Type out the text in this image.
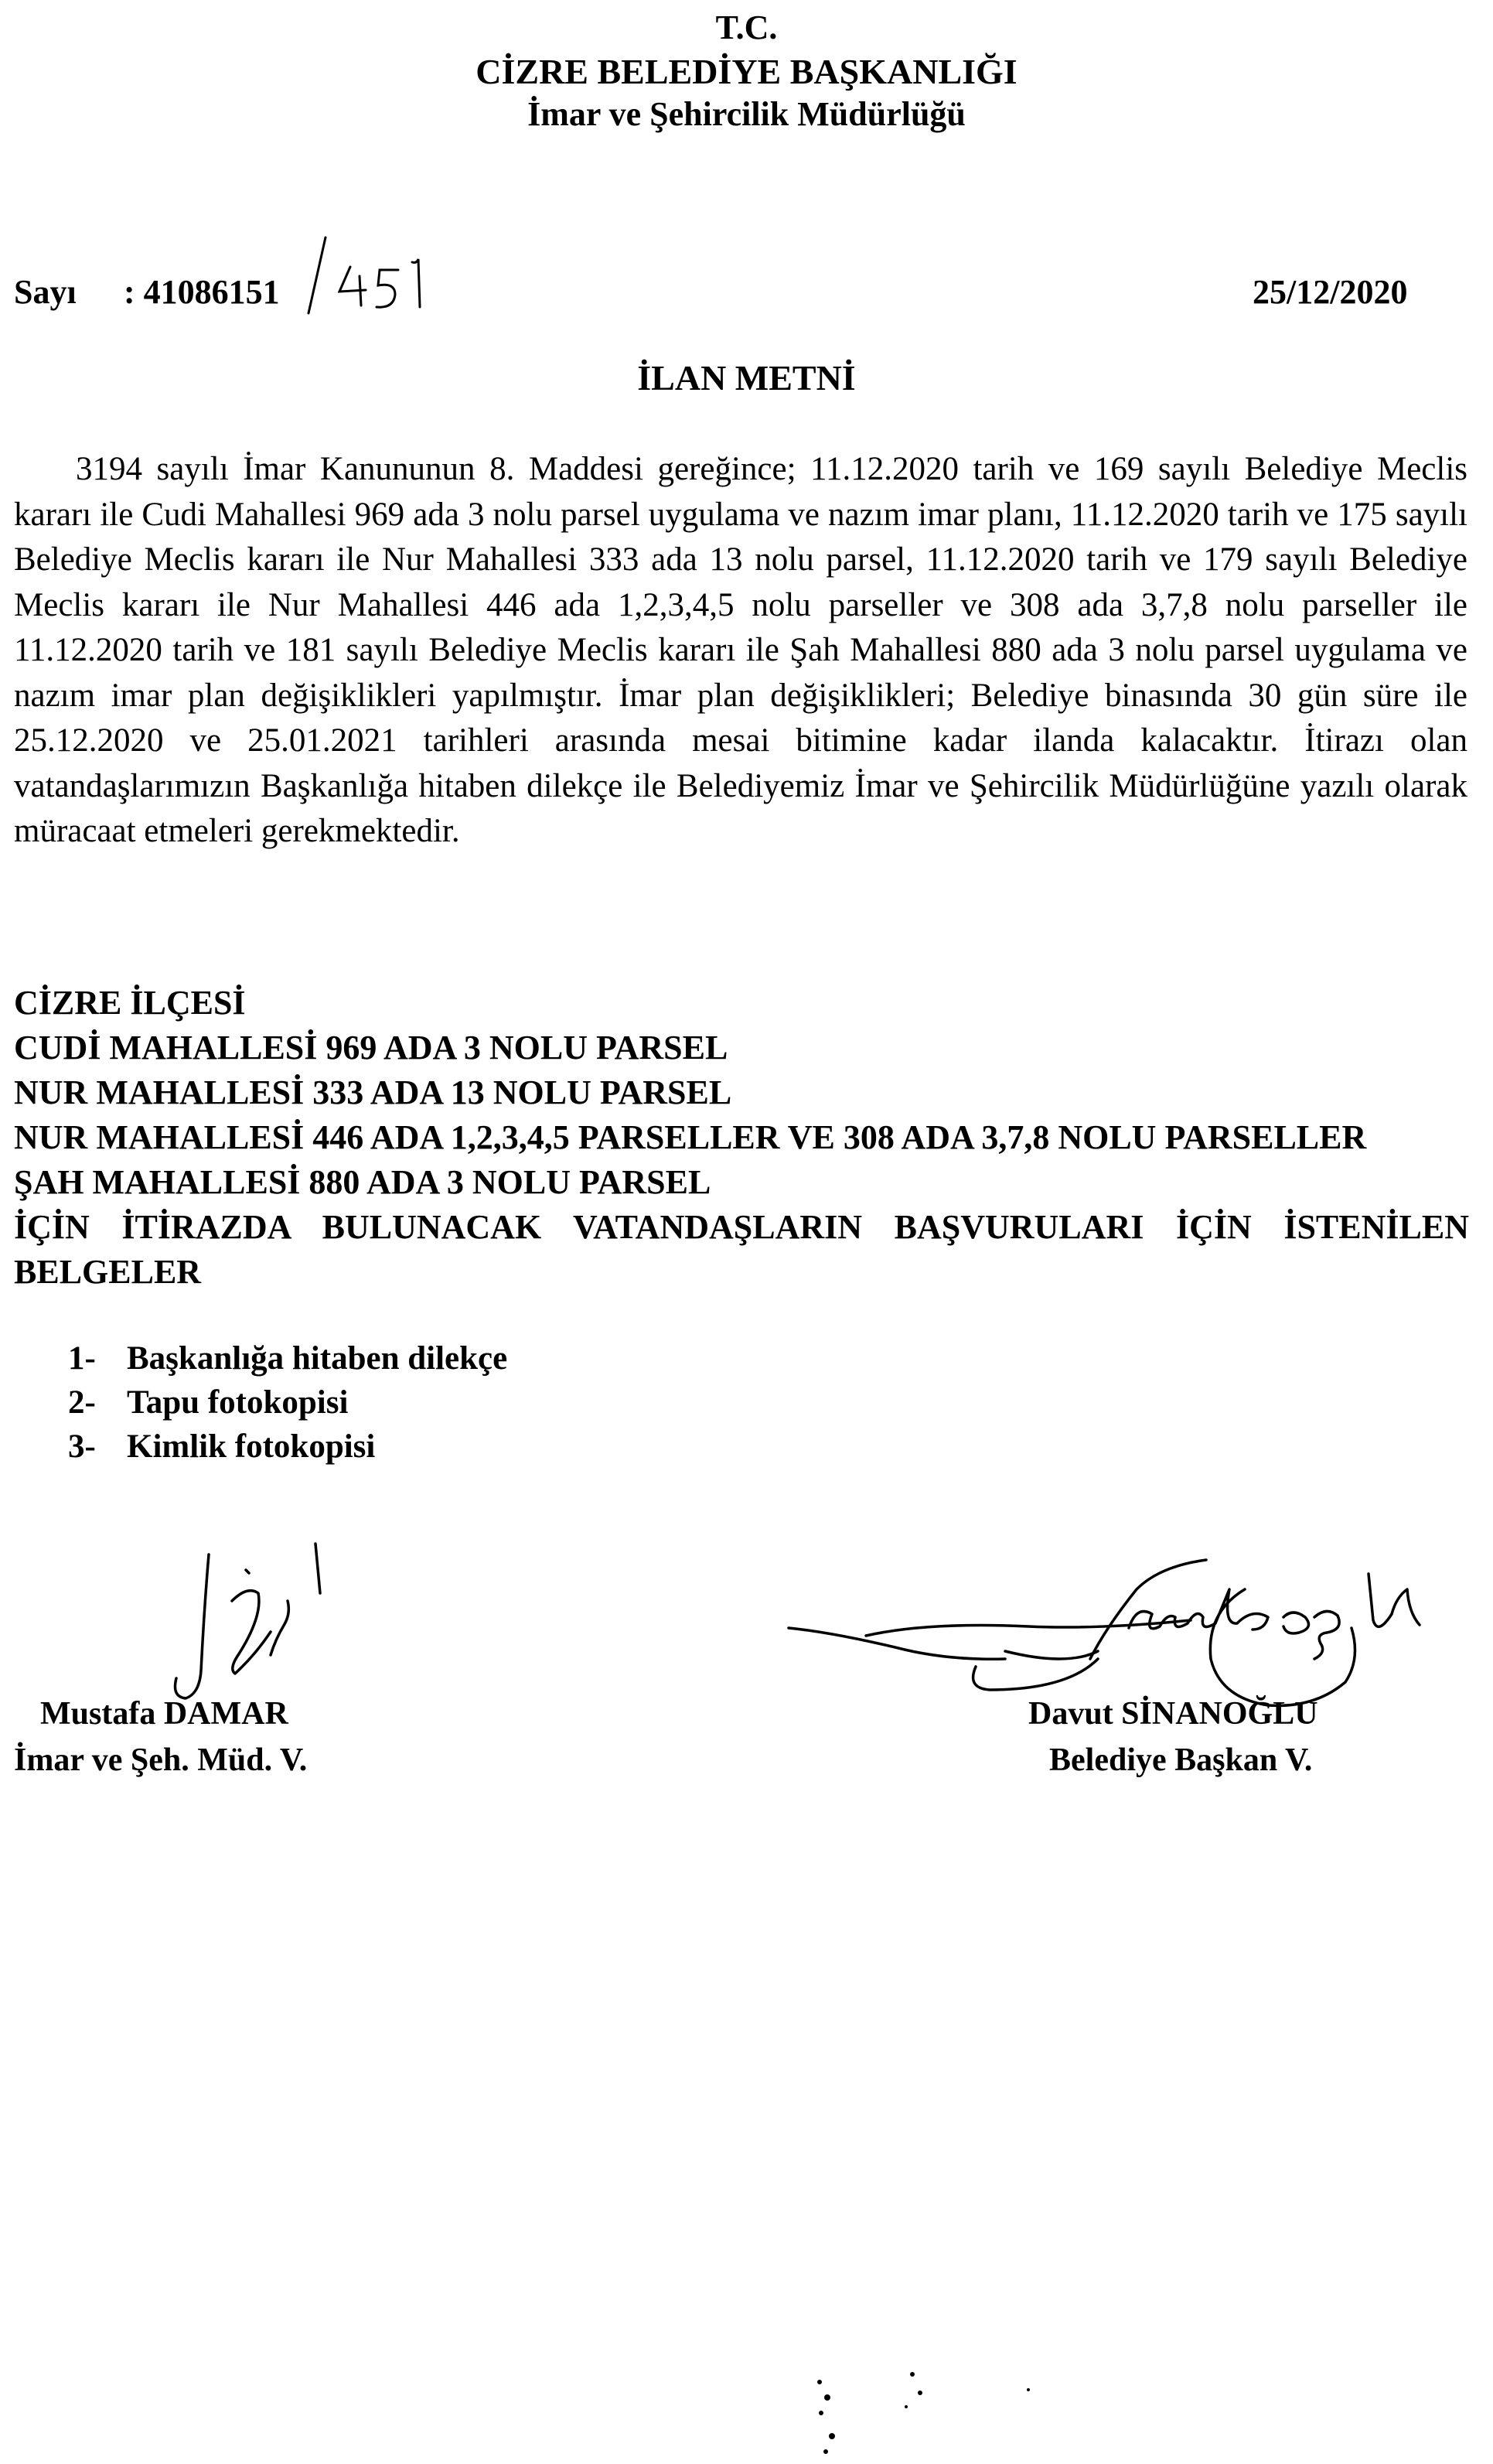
T.C.
CİZRE BELEDİYE BAŞKANLIĞI
İmar ve Şehircilik Müdürlüğü
Sayı : 41086151	25/12/2020
İLAN METNİ
3194 sayılı İmar Kanununun 8. Maddesi gereğince; 11.12.2020 tarih ve 169 sayılı Belediye Meclis kararı ile Cudi Mahallesi 969 ada 3 nolu parsel uygulama ve nazım imar planı, 11.12.2020 tarih ve 175 sayılı Belediye Meclis kararı ile Nur Mahallesi 333 ada 13 nolu parsel, 11.12.2020 tarih ve 179 sayılı Belediye Meclis kararı ile Nur Mahallesi 446 ada 1,2,3,4,5 nolu parseller ve 308 ada 3,7,8 nolu parseller ile 11.12.2020 tarih ve 181 sayılı Belediye Meclis kararı ile Şah Mahallesi 880 ada 3 nolu parsel uygulama ve nazım imar plan değişiklikleri yapılmıştır. İmar plan değişiklikleri; Belediye binasında 30 gün süre ile 25.12.2020 ve 25.01.2021 tarihleri arasında mesai bitimine kadar ilanda kalacaktır. İtirazı olan vatandaşlarımızın Başkanlığa hitaben dilekçe ile Belediyemiz İmar ve Şehircilik Müdürlüğüne yazılı olarak müracaat etmeleri gerekmektedir.
CİZRE İLÇESİ
CUDİ MAHALLESİ 969 ADA 3 NOLU PARSEL
NUR MAHALLESİ 333 ADA 13 NOLU PARSEL
NUR MAHALLESİ 446 ADA 1,2,3,4,5 PARSELLER VE 308 ADA 3,7,8 NOLU PARSELLER
ŞAH MAHALLESİ 880 ADA 3 NOLU PARSEL
İÇİN İTİRAZDA BULUNACAK VATANDAŞLARIN BAŞVURULARI İÇİN İSTENİLEN BELGELER
1- Başkanlığa hitaben dilekçe
2- Tapu fotokopisi
3- Kimlik fotokopisi
Mustafa DAMAR
İmar ve Şeh. Müd. V.
Davut SİNANOĞLU
Belediye Başkan V.
